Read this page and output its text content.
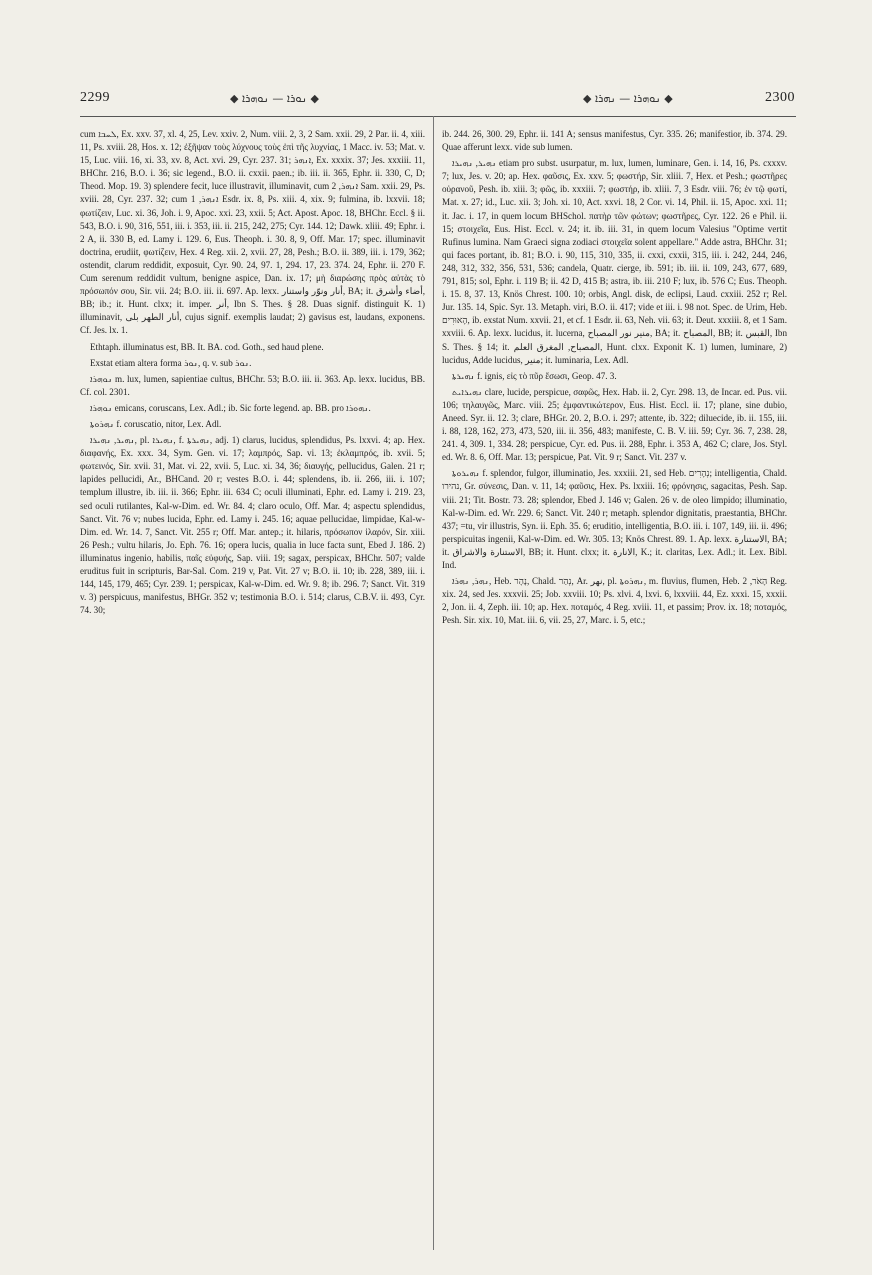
2299	◆ ܢܘܪܐ — ܢܘܗܪܐ ◆	◆ ܢܘܗܪܐ — ܢܗܪܐ ◆	2300

cum ܠܚܒܐ, Ex. xxv. 37, xl. 4, 25, Lev. xxiv. 2, Num. viii. 2, 3, 2 Sam. xxii. 29, 2 Par. ii. 4, xiii. 11, Ps. xviii. 28, Hos. x. 12; ἐξῆψαν τοὺς λύχνους τοὺς ἐπὶ τῆς λυχνίας, 1 Macc. iv. 53; Mat. v. 15, Luc. viii. 16, xi. 33, xv. 8, Act. xvi. 29, Cyr. 237. 31; ܐܢܗܪ, Ex. xxxix. 37; Jes. xxxiii. 11, BHChr. 216, B.O. i. 36; sic legend., B.O. ii. cxxii. paen.; ib. iii. ii. 365, Ephr. ii. 330, C, D; Theod. Mop. 19. 3) splendere fecit, luce illustravit, illuminavit, cum ܐܢܗܪ, 2 Sam. xxii. 29, Ps. xviii. 28, Cyr. 237. 32; cum ܐܢܗܪ, 1 Esdr. ix. 8, Ps. xiii. 4, xix. 9; fulmina, ib. lxxvii. 18; φωτίζειν, Luc. xi. 36, Joh. i. 9, Apoc. xxi. 23, xxii. 5; Act. Apost. Apoc. 18, BHChr. Eccl. § ii. 543, B.O. i. 90, 316, 551, iii. i. 353, iii. ii. 215, 242, 275; Cyr. 144. 12; Dawk. xliii. 49; Ephr. i. 2 A, ii. 330 B, ed. Lamy i. 129. 6, Eus. Theoph. i. 30. 8, 9, Off. Mar. 17; spec. illuminavit doctrina, erudiit, φωτίζειν, Hex. 4 Reg. xii. 2, xvii. 27, 28, Pesh.; B.O. ii. 389, iii. i. 179, 362; ostendit, clarum reddidit, exposuit, Cyr. 90. 24, 97. 1, 294. 17, 23. 374. 24, Ephr. ii. 270 F. Cum serenum reddidit vultum, benigne aspice, Dan. ix. 17; μὴ διαρώσης πρὸς αὐτὰς τὸ πρόσωπόν σου, Sir. vii. 24; B.O. iii. ii. 697. Ap. lexx. أنار ونوّر واستنار, BA; it. أضاء وأشرق, BB; ib.; it. Hunt. clxx; it. imper. أنر, Ibn S. Thes. § 28. Duas signif. distinguit K. 1) illuminavit, أنار الطهر بلى, cujus signif. exemplis laudat; 2) gavisus est, laudans, exponens. Cf. Jes. lx. 1.

Ethtaph. illuminatus est, BB. It. BA. cod. Goth., sed haud plene.

Exstat etiam altera forma ܢܘܪ, q. v. sub ܢܘܪ.

ܢܘܗܪܐ m. lux, lumen, sapientiae cultus, BHChr. 53; B.O. iii. ii. 363. Ap. lexx. lucidus, BB. Cf. col. 2301.

ܢܘܗܪܐ emicans, coruscans, Lex. Adl.; ib. Sic forte legend. ap. BB. pro ܢܗܘܪܐ.

ܢܗܪܘܬܐ f. coruscatio, nitor, Lex. Adl.

ܢܗܝܪ, ܢܗܝܪܐ, pl. ܢܗܝܪܐ, f. ܢܗܝܪܬܐ, adj. 1) clarus, lucidus, splendidus, Ps. lxxvi. 4; ap. Hex. διαφανής, Ex. xxx. 34, Sym. Gen. vi. 17; λαμπρός, Sap. vi. 13; ἐκλαμπρός, ib. xvii. 5; φωτεινός, Sir. xvii. 31, Mat. vi. 22, xvii. 5, Luc. xi. 34, 36; διαυγής, pellucidus, Galen. 21 r; lapides pellucidi, Ar., BHCand. 20 r; vestes B.O. i. 44; splendens, ib. ii. 266, iii. i. 107; templum illustre, ib. iii. ii. 366; Ephr. iii. 634 C; oculi illuminati, Ephr. ed. Lamy i. 219. 23, sed oculi rutilantes, Kal-w-Dim. ed. Wr. 84. 4; claro oculo, Off. Mar. 4; aspectu splendidus, Sanct. Vit. 76 v; nubes lucida, Ephr. ed. Lamy i. 245. 16; aquae pellucidae, limpidae, Kal-w-Dim. ed. Wr. 14. 7, Sanct. Vit. 255 r; Off. Mar. antep.; it. hilaris, πρόσωπον ἱλαρόν, Sir. xiii. 26 Pesh.; vultu hilaris, Jo. Eph. 76. 16; opera lucis, qualia in luce facta sunt, Ebed J. 186. 2) illuminatus ingenio, habilis, παῖς εὐφυής, Sap. viii. 19; sagax, perspicax, BHChr. 507; valde eruditus fuit in scripturis, Bar-Sal. Com. 219 v, Pat. Vit. 27 v; B.O. ii. 10; ib. 228, 389, iii. i. 144, 145, 179, 465; Cyr. 239. 1; perspicax, Kal-w-Dim. ed. Wr. 9. 8; ib. 296. 7; Sanct. Vit. 319 v. 3) perspicuus, manifestus, BHGr. 352 v; testimonia B.O. i. 514; clarus, C.B.V. ii. 493, Cyr. 74. 30;

ib. 244. 26, 300. 29, Ephr. ii. 141 A; sensus manifestus, Cyr. 335. 26; manifestior, ib. 374. 29. Quae afferunt lexx. vide sub lumen.

ܢܗܝܪ, ܢܗܝܪܐ etiam pro subst. usurpatur, m. lux, lumen, luminare, Gen. i. 14, 16, Ps. cxxxv. 7; lux, Jes. v. 20; ap. Hex. φαῦσις, Ex. xxv. 5; φωστήρ, Sir. xliii. 7, Hex. et Pesh.; φωστῆρες οὐρανοῦ, Pesh. ib. xiii. 3; φῶς, ib. xxxiii. 7; φωστήρ, ib. xliii. 7, 3 Esdr. viii. 76; ἐν τῷ φωτί, Mat. x. 27; id., Luc. xii. 3; Joh. xi. 10, Act. xxvi. 18, 2 Cor. vi. 14, Phil. ii. 15, Apoc. xxi. 11; it. Jac. i. 17, in quem locum BHSchol. πατὴρ τῶν φώτων; φωστῆρες, Cyr. 122. 26 e Phil. ii. 15; στοιχεῖα, Eus. Hist. Eccl. v. 24; it. ib. iii. 31, in quem locum Valesius "Optime vertit Rufinus lumina. Nam Graeci signa zodiaci στοιχεῖα solent appellare." Adde astra, BHChr. 31; qui faces portant, ib. 81; B.O. i. 90, 115, 310, 335, ii. cxxi, cxxii, 315, iii. i. 242, 244, 246, 248, 312, 332, 356, 531, 536; candela, Quatr. cierge, ib. 591; ib. iii. ii. 109, 243, 677, 689, 791, 815; sol, Ephr. i. 119 B; ii. 42 D, 415 B; astra, ib. iii. 210 F; lux, ib. 576 C; Eus. Theoph. i. 15. 8, 37. 13, Knös Chrest. 100. 10; orbis, Angl. disk, de eclipsi, Laud. cxxiii. 252 r; Rel. Jur. 135. 14, Spic. Syr. 13. Metaph. viri, B.O. ii. 417; vide et iii. i. 98 not. Spec. de Urim, Heb. הָאוּרִים, ib. exstat Num. xxvii. 21, et cf. 1 Esdr. ii. 63, Neh. vii. 63; it. Deut. xxxiii. 8, et 1 Sam. xxviii. 6. Ap. lexx. lucidus, it. lucerna, منير نور المصباح, BA; it. المصباح, BB; it. القبس, Ibn S. Thes. § 14; it. المصباح, المغرق العلم, Hunt. clxx. Exponit K. 1) lumen, luminare, 2) lucidus, Adde lucidus, منير; it. luminaria, Lex. Adl.

ܢܗܝܪܬܐ f. ignis, εἰς τὸ πῦρ ἔσωσι, Geop. 47. 3.

ܢܗܝܪܐܝܬ clare, lucide, perspicue, σαφῶς, Hex. Hab. ii. 2, Cyr. 298. 13, de Incar. ed. Pus. vii. 106; τηλαυγῶς, Marc. viii. 25; ἐμφαντικώτερον, Eus. Hist. Eccl. ii. 17; plane, sine dubio, Aneed. Syr. ii. 12. 3; clare, BHGr. 20. 2, B.O. i. 297; attente, ib. 322; diluecide, ib. ii. 155, iii. i. 88, 128, 162, 273, 473, 520, iii. ii. 356, 483; manifeste, C. B. V. iii. 59; Cyr. 36. 7, 238. 28, 241. 4, 309. 1, 334. 28; perspicue, Cyr. ed. Pus. ii. 288, Ephr. i. 353 A, 462 C; clare, Jos. Styl. ed. Wr. 8. 6, Off. Mar. 13; perspicue, Pat. Vit. 9 r; Sanct. Vit. 237 v.

ܢܗܝܪܘܬܐ f. splendor, fulgor, illuminatio, Jes. xxxiii. 21, sed Heb. נְהָרִים; intelligentia, Chald. נהירו, Gr. σύνεσις, Dan. v. 11, 14; φαῦσις, Hex. Ps. lxxiii. 16; φρόνησις, sagacitas, Pesh. Sap. viii. 21; Tit. Bostr. 73. 28; splendor, Ebed J. 146 v; Galen. 26 v. de oleo limpido; illuminatio, Kal-w-Dim. ed. Wr. 229. 6; Sanct. Vit. 240 r; metaph. splendor dignitatis, praestantia, BHChr. 437; =tu, vir illustris, Syn. ii. Eph. 35. 6; eruditio, intelligentia, B.O. iii. i. 107, 149, iii. ii. 496; perspicuitas ingenii, Kal-w-Dim. ed. Wr. 305. 13; Knös Chrest. 89. 1. Ap. lexx. الاستنارة, BA; it. الاستنارة والاشراق, BB; it. Hunt. clxx; it. الانارة, K.; it. claritas, Lex. Adl.; it. Lex. Bibl. Ind.

ܢܗܪ, ܢܗܪܐ, Heb. נָהָר, Chald. נְהַר, Ar. نهر, pl. ܢܗܪܘܬܐ, m. fluvius, flumen, Heb. הָאֹר, 2 Reg. xix. 24, sed Jes. xxxvii. 25; Job. xxviii. 10; Ps. xlvi. 4, lxvi. 6, lxxviii. 44, Ez. xxxi. 15, xxxii. 2, Jon. ii. 4, Zeph. iii. 10; ap. Hex. ποταμός, 4 Reg. xviii. 11, et passim; Prov. ix. 18; ποταμός, Pesh. Sir. xix. 10, Mat. iii. 6, vii. 25, 27, Marc. i. 5, etc.;
